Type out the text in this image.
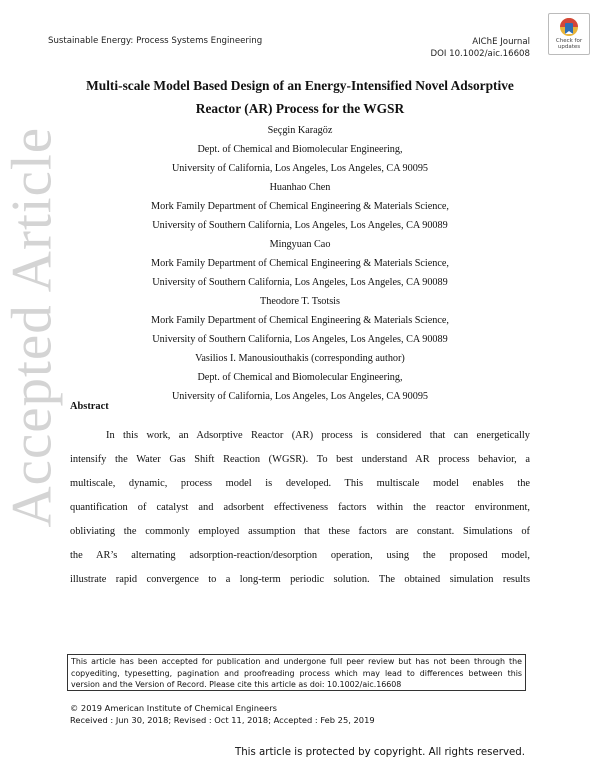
Sustainable Energy: Process Systems Engineering	AIChE Journal
DOI 10.1002/aic.16608
Check for
updates
Accepted Article
Multi-scale Model Based Design of an Energy-Intensified Novel Adsorptive
Reactor (AR) Process for the WGSR
Seçgin Karagöz
Dept. of Chemical and Biomolecular Engineering,
University of California, Los Angeles, Los Angeles, CA 90095
Huanhao Chen
Mork Family Department of Chemical Engineering & Materials Science,
University of Southern California, Los Angeles, Los Angeles, CA 90089
Mingyuan Cao
Mork Family Department of Chemical Engineering & Materials Science,
University of Southern California, Los Angeles, Los Angeles, CA 90089
Theodore T. Tsotsis
Mork Family Department of Chemical Engineering & Materials Science,
University of Southern California, Los Angeles, Los Angeles, CA 90089
Vasilios I. Manousiouthakis (corresponding author)
Dept. of Chemical and Biomolecular Engineering,
University of California, Los Angeles, Los Angeles, CA 90095
Abstract
In this work, an Adsorptive Reactor (AR) process is considered that can energetically
intensify the Water Gas Shift Reaction (WGSR). To best understand AR process behavior, a
multiscale, dynamic, process model is developed. This multiscale model enables the
quantification of catalyst and adsorbent effectiveness factors within the reactor environment,
obliviating the commonly employed assumption that these factors are constant. Simulations of
the AR’s alternating adsorption-reaction/desorption operation, using the proposed model,
illustrate rapid convergence to a long-term periodic solution. The obtained simulation results
This article has been accepted for publication and undergone full peer review but has not been through the copyediting, typesetting, pagination and proofreading process which may lead to differences between this version and the Version of Record. Please cite this article as doi: 10.1002/aic.16608
© 2019 American Institute of Chemical Engineers
Received : Jun 30, 2018; Revised : Oct 11, 2018; Accepted : Feb 25, 2019
This article is protected by copyright. All rights reserved.
